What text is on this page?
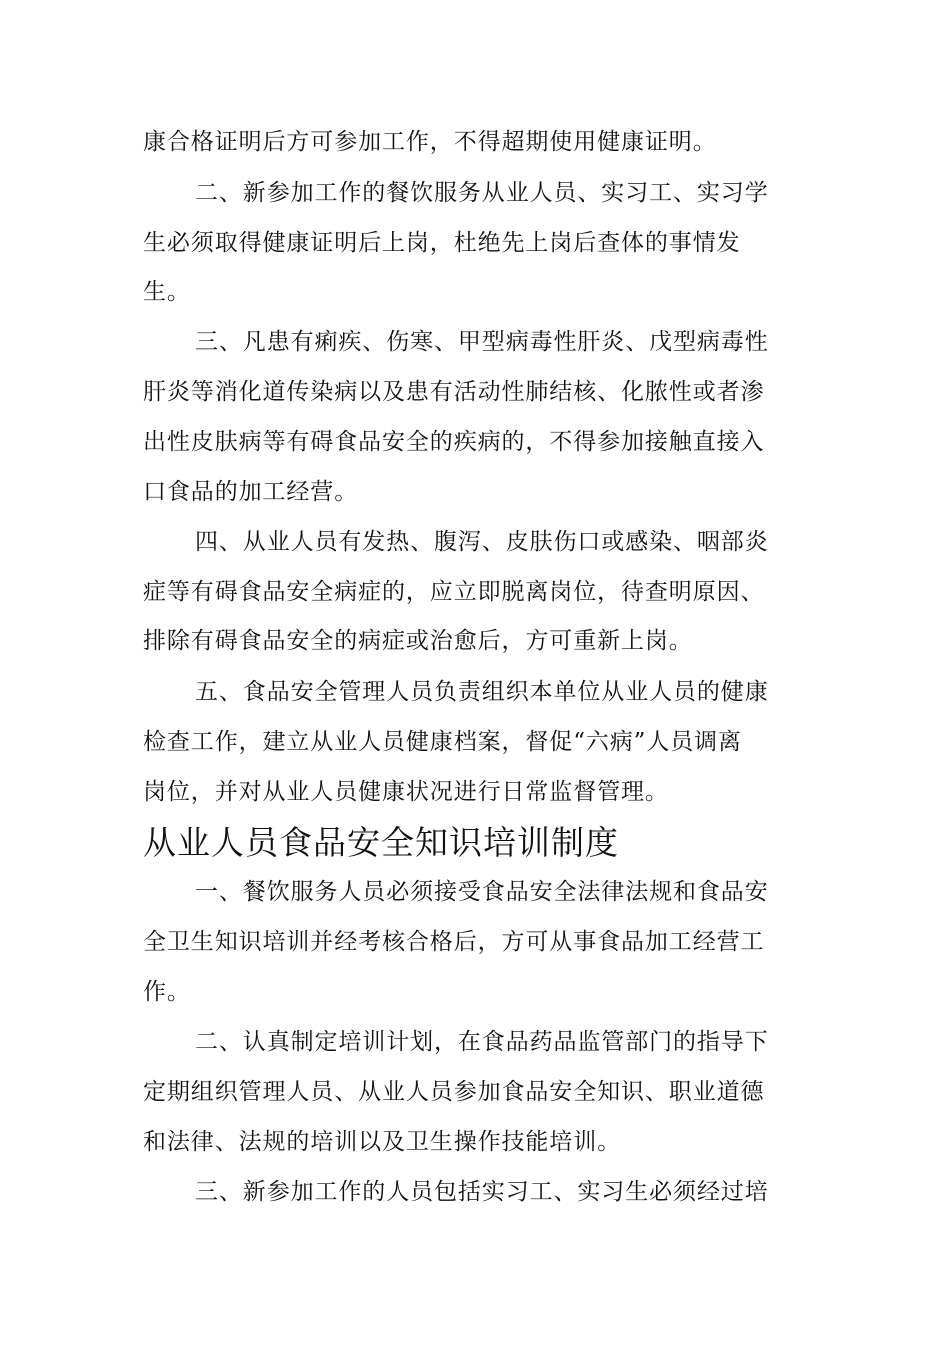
康合格证明后方可参加工作，不得超期使用健康证明。
二、新参加工作的餐饮服务从业人员、实习工、实习学
生必须取得健康证明后上岗，杜绝先上岗后查体的事情发
生。
三、凡患有痢疾、伤寒、甲型病毒性肝炎、戊型病毒性
肝炎等消化道传染病以及患有活动性肺结核、化脓性或者渗
出性皮肤病等有碍食品安全的疾病的，不得参加接触直接入
口食品的加工经营。
四、从业人员有发热、腹泻、皮肤伤口或感染、咽部炎
症等有碍食品安全病症的，应立即脱离岗位，待查明原因、
排除有碍食品安全的病症或治愈后，方可重新上岗。
五、食品安全管理人员负责组织本单位从业人员的健康
检查工作，建立从业人员健康档案，督促“六病”人员调离
岗位，并对从业人员健康状况进行日常监督管理。
从业人员食品安全知识培训制度
一、餐饮服务人员必须接受食品安全法律法规和食品安
全卫生知识培训并经考核合格后，方可从事食品加工经营工
作。
二、认真制定培训计划，在食品药品监管部门的指导下
定期组织管理人员、从业人员参加食品安全知识、职业道德
和法律、法规的培训以及卫生操作技能培训。
三、新参加工作的人员包括实习工、实习生必须经过培
